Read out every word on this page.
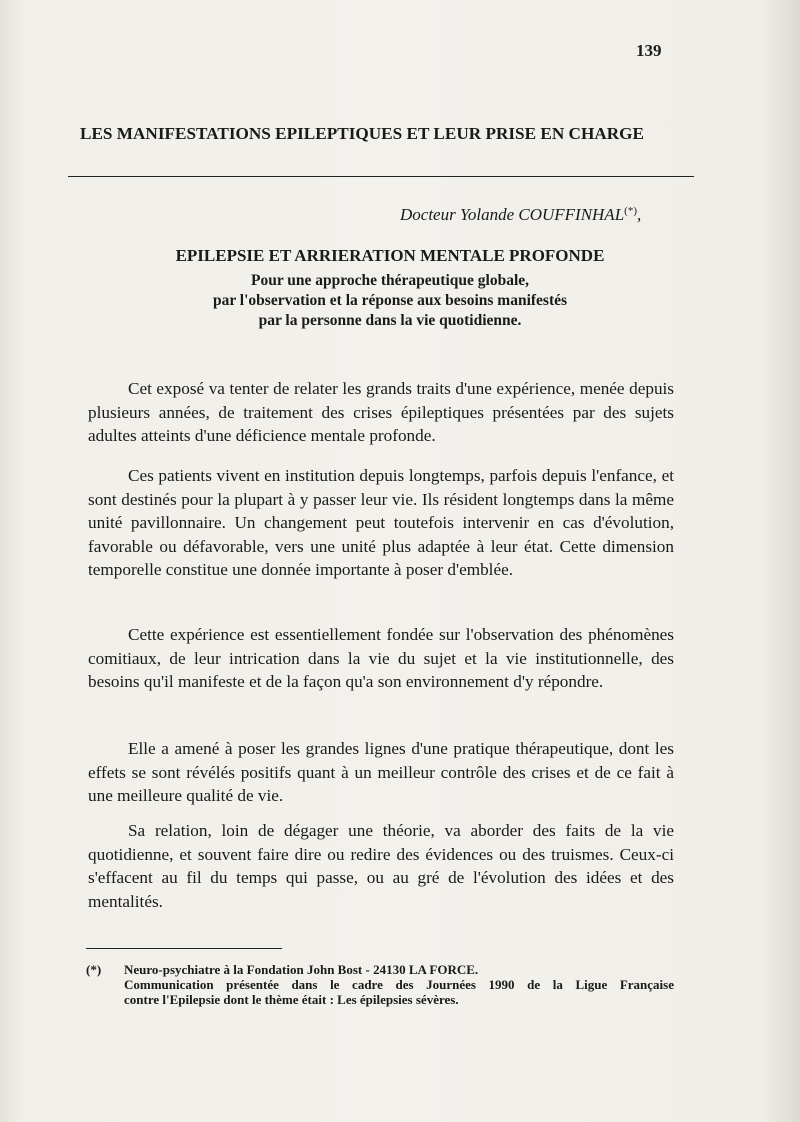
139
LES MANIFESTATIONS EPILEPTIQUES ET LEUR PRISE EN CHARGE
Docteur Yolande COUFFINHAL(*),
EPILEPSIE ET ARRIERATION MENTALE PROFONDE
Pour une approche thérapeutique globale,
par l'observation et la réponse aux besoins manifestés
par la personne dans la vie quotidienne.

Cet exposé va tenter de relater les grands traits d'une expérience, menée depuis plusieurs années, de traitement des crises épileptiques présentées par des sujets adultes atteints d'une déficience mentale profonde.

Ces patients vivent en institution depuis longtemps, parfois depuis l'enfance, et sont destinés pour la plupart à y passer leur vie. Ils résident longtemps dans la même unité pavillonnaire. Un changement peut toutefois intervenir en cas d'évolution, favorable ou défavorable, vers une unité plus adaptée à leur état. Cette dimension temporelle constitue une donnée importante à poser d'emblée.

Cette expérience est essentiellement fondée sur l'observation des phénomènes comitiaux, de leur intrication dans la vie du sujet et la vie institutionnelle, des besoins qu'il manifeste et de la façon qu'a son environnement d'y répondre.

Elle a amené à poser les grandes lignes d'une pratique thérapeutique, dont les effets se sont révélés positifs quant à un meilleur contrôle des crises et de ce fait à une meilleure qualité de vie.

Sa relation, loin de dégager une théorie, va aborder des faits de la vie quotidienne, et souvent faire dire ou redire des évidences ou des truismes. Ceux-ci s'effacent au fil du temps qui passe, ou au gré de l'évolution des idées et des mentalités.

(*) Neuro-psychiatre à la Fondation John Bost - 24130 LA FORCE.
Communication présentée dans le cadre des Journées 1990 de la Ligue Française
contre l'Epilepsie dont le thème était : Les épilepsies sévères.
